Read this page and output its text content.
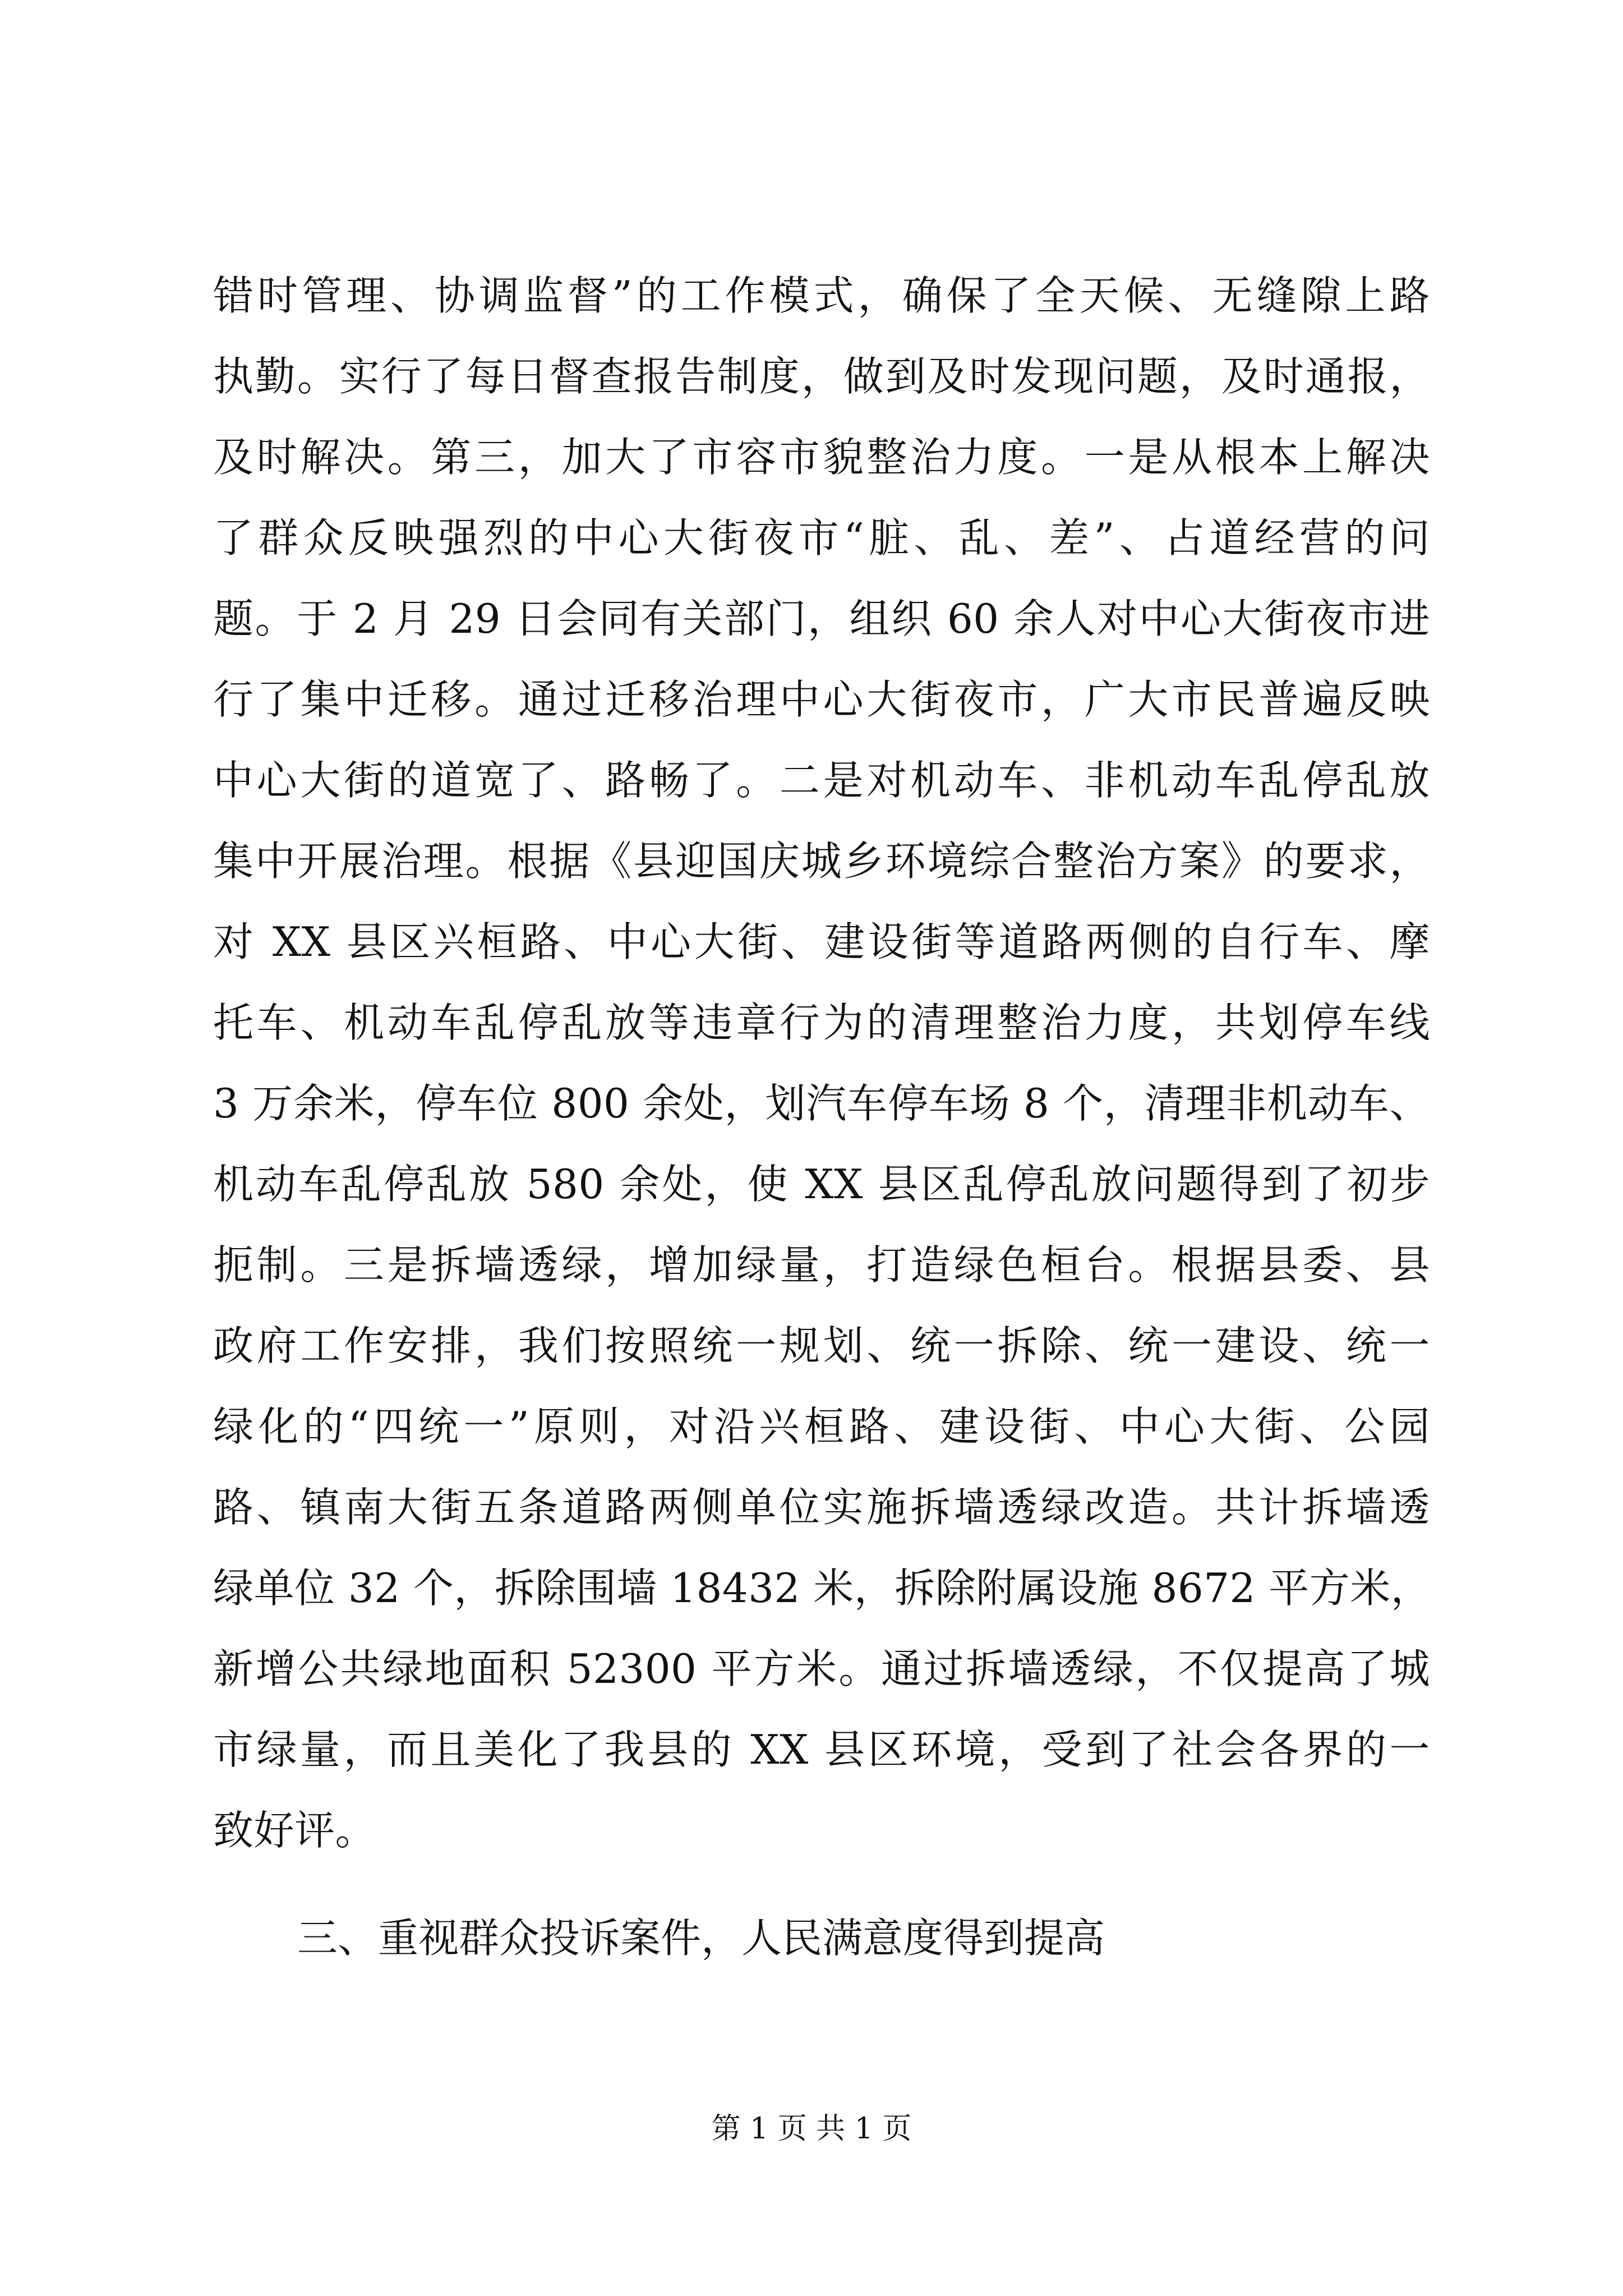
错时管理、协调监督”的工作模式，确保了全天候、无缝隙上路
执勤。实行了每日督查报告制度，做到及时发现问题，及时通报，
及时解决。第三，加大了市容市貌整治力度。一是从根本上解决
了群众反映强烈的中心大街夜市“脏、乱、差”、占道经营的问
题。于 2 月 29 日会同有关部门，组织 60 余人对中心大街夜市进
行了集中迁移。通过迁移治理中心大街夜市，广大市民普遍反映
中心大街的道宽了、路畅了。二是对机动车、非机动车乱停乱放
集中开展治理。根据《县迎国庆城乡环境综合整治方案》的要求，
对 XX 县区兴桓路、中心大街、建设街等道路两侧的自行车、摩
托车、机动车乱停乱放等违章行为的清理整治力度，共划停车线
3 万余米，停车位 800 余处，划汽车停车场 8 个，清理非机动车、
机动车乱停乱放 580 余处，使 XX 县区乱停乱放问题得到了初步
扼制。三是拆墙透绿，增加绿量，打造绿色桓台。根据县委、县
政府工作安排，我们按照统一规划、统一拆除、统一建设、统一
绿化的“四统一”原则，对沿兴桓路、建设街、中心大街、公园
路、镇南大街五条道路两侧单位实施拆墙透绿改造。共计拆墙透
绿单位 32 个，拆除围墙 18432 米，拆除附属设施 8672 平方米，
新增公共绿地面积 52300 平方米。通过拆墙透绿，不仅提高了城
市绿量，而且美化了我县的 XX 县区环境，受到了社会各界的一
致好评。
三、重视群众投诉案件，人民满意度得到提高
第 1 页 共 1 页
